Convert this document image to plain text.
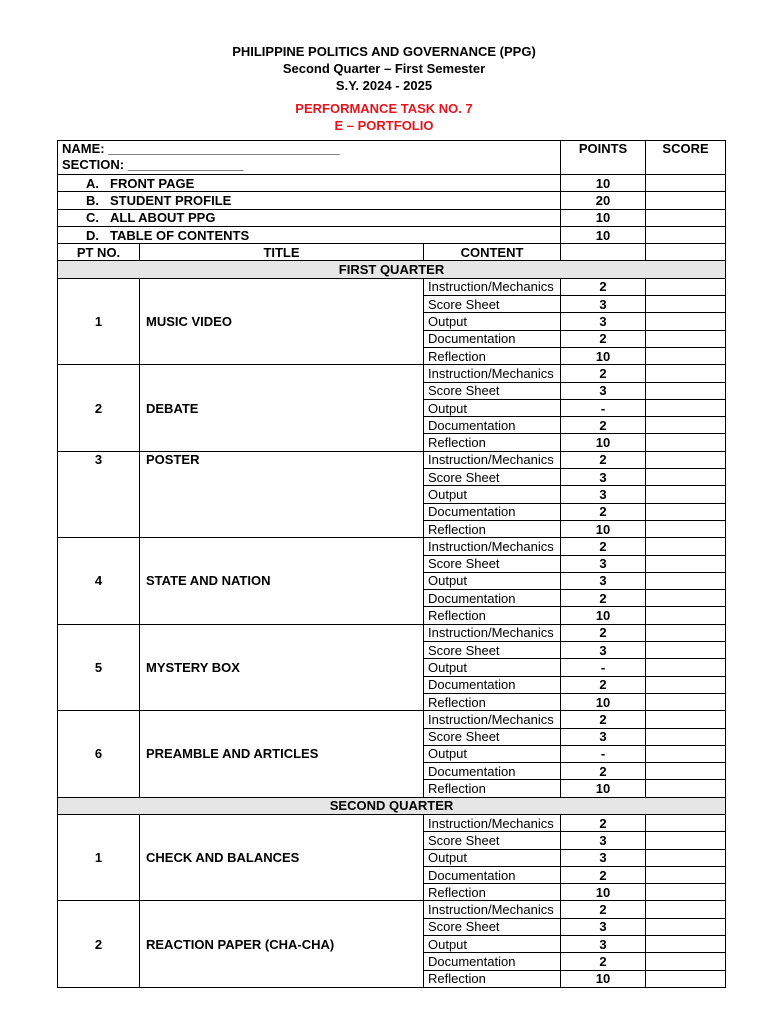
PHILIPPINE POLITICS AND GOVERNANCE (PPG)
Second Quarter – First Semester
S.Y. 2024 - 2025
PERFORMANCE TASK NO. 7
E – PORTFOLIO
NAME: ________________________________
SECTION: ________________			POINTS	SCORE
A. FRONT PAGE			10	
B. STUDENT PROFILE			20	
C. ALL ABOUT PPG			10	
D. TABLE OF CONTENTS			10	
PT NO.	TITLE	CONTENT		
FIRST QUARTER				
1	MUSIC VIDEO	Instruction/Mechanics	2	
		Score Sheet	3	
		Output	3	
		Documentation	2	
		Reflection	10	
2	DEBATE	Instruction/Mechanics	2	
		Score Sheet	3	
		Output	-	
		Documentation	2	
		Reflection	10	
3	POSTER	Instruction/Mechanics	2	
		Score Sheet	3	
		Output	3	
		Documentation	2	
		Reflection	10	
4	STATE AND NATION	Instruction/Mechanics	2	
		Score Sheet	3	
		Output	3	
		Documentation	2	
		Reflection	10	
5	MYSTERY BOX	Instruction/Mechanics	2	
		Score Sheet	3	
		Output	-	
		Documentation	2	
		Reflection	10	
6	PREAMBLE AND ARTICLES	Instruction/Mechanics	2	
		Score Sheet	3	
		Output	-	
		Documentation	2	
		Reflection	10	
SECOND QUARTER				
1	CHECK AND BALANCES	Instruction/Mechanics	2	
		Score Sheet	3	
		Output	3	
		Documentation	2	
		Reflection	10	
2	REACTION PAPER (CHA-CHA)	Instruction/Mechanics	2	
		Score Sheet	3	
		Output	3	
		Documentation	2	
		Reflection	10	
